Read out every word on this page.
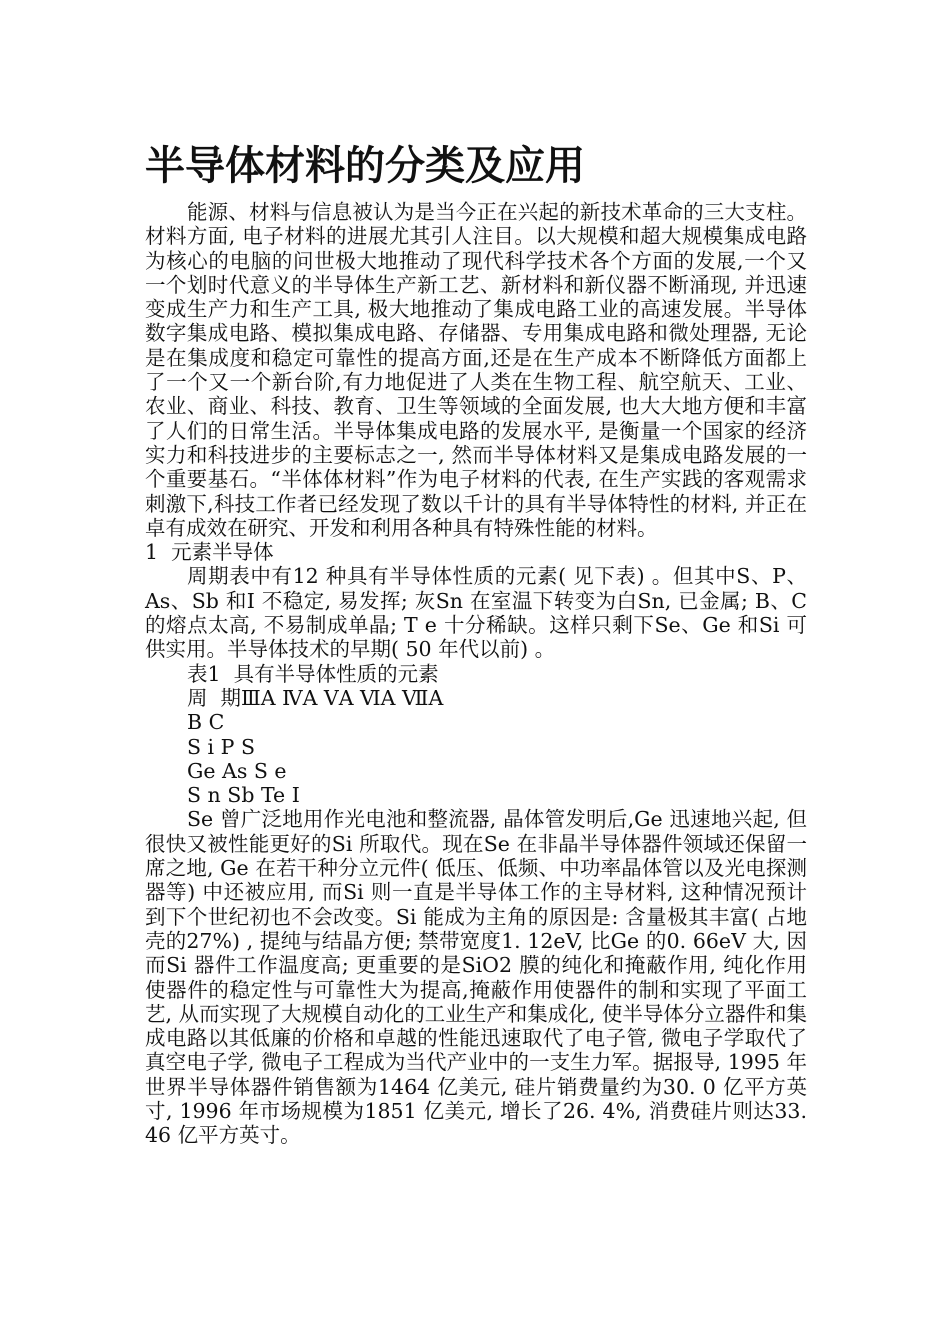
半导体材料的分类及应用

能源、材料与信息被认为是当今正在兴起的新技术革命的三大支柱。材料方面, 电子材料的进展尤其引人注目。以大规模和超大规模集成电路为核心的电脑的问世极大地推动了现代科学技术各个方面的发展,一个又一个划时代意义的半导体生产新工艺、新材料和新仪器不断涌现, 并迅速变成生产力和生产工具, 极大地推动了集成电路工业的高速发展。半导体数字集成电路、模拟集成电路、存储器、专用集成电路和微处理器, 无论是在集成度和稳定可靠性的提高方面,还是在生产成本不断降低方面都上了一个又一个新台阶,有力地促进了人类在生物工程、航空航天、工业、农业、商业、科技、教育、卫生等领域的全面发展, 也大大地方便和丰富了人们的日常生活。半导体集成电路的发展水平, 是衡量一个国家的经济实力和科技进步的主要标志之一, 然而半导体材料又是集成电路发展的一个重要基石。“半体体材料”作为电子材料的代表, 在生产实践的客观需求刺激下,科技工作者已经发现了数以千计的具有半导体特性的材料, 并正在卓有成效在研究、开发和利用各种具有特殊性能的材料。

1  元素半导体

周期表中有12 种具有半导体性质的元素( 见下表) 。但其中S、P、As、Sb 和I 不稳定, 易发挥; 灰Sn 在室温下转变为白Sn, 已金属; B、C 的熔点太高, 不易制成单晶; T e 十分稀缺。这样只剩下Se、Ge 和Si 可供实用。半导体技术的早期( 50 年代以前) 。

表1  具有半导体性质的元素

周  期ⅢA ⅣA ⅤA ⅥA ⅦA

B C

S i P S

Ge As S e

S n Sb Te I

Se 曾广泛地用作光电池和整流器, 晶体管发明后,Ge 迅速地兴起, 但很快又被性能更好的Si 所取代。现在Se 在非晶半导体器件领域还保留一席之地, Ge 在若干种分立元件( 低压、低频、中功率晶体管以及光电探测器等) 中还被应用, 而Si 则一直是半导体工作的主导材料, 这种情况预计到下个世纪初也不会改变。Si 能成为主角的原因是: 含量极其丰富( 占地壳的27%) , 提纯与结晶方便; 禁带宽度1. 12eV, 比Ge 的0. 66eV 大, 因而Si 器件工作温度高; 更重要的是SiO2 膜的纯化和掩蔽作用, 纯化作用使器件的稳定性与可靠性大为提高,掩蔽作用使器件的制和实现了平面工艺, 从而实现了大规模自动化的工业生产和集成化, 使半导体分立器件和集成电路以其低廉的价格和卓越的性能迅速取代了电子管, 微电子学取代了真空电子学, 微电子工程成为当代产业中的一支生力军。据报导, 1995 年世界半导体器件销售额为1464 亿美元, 硅片销费量约为30. 0 亿平方英寸, 1996 年市场规模为1851 亿美元, 增长了26. 4%, 消费硅片则达33. 46 亿平方英寸。
